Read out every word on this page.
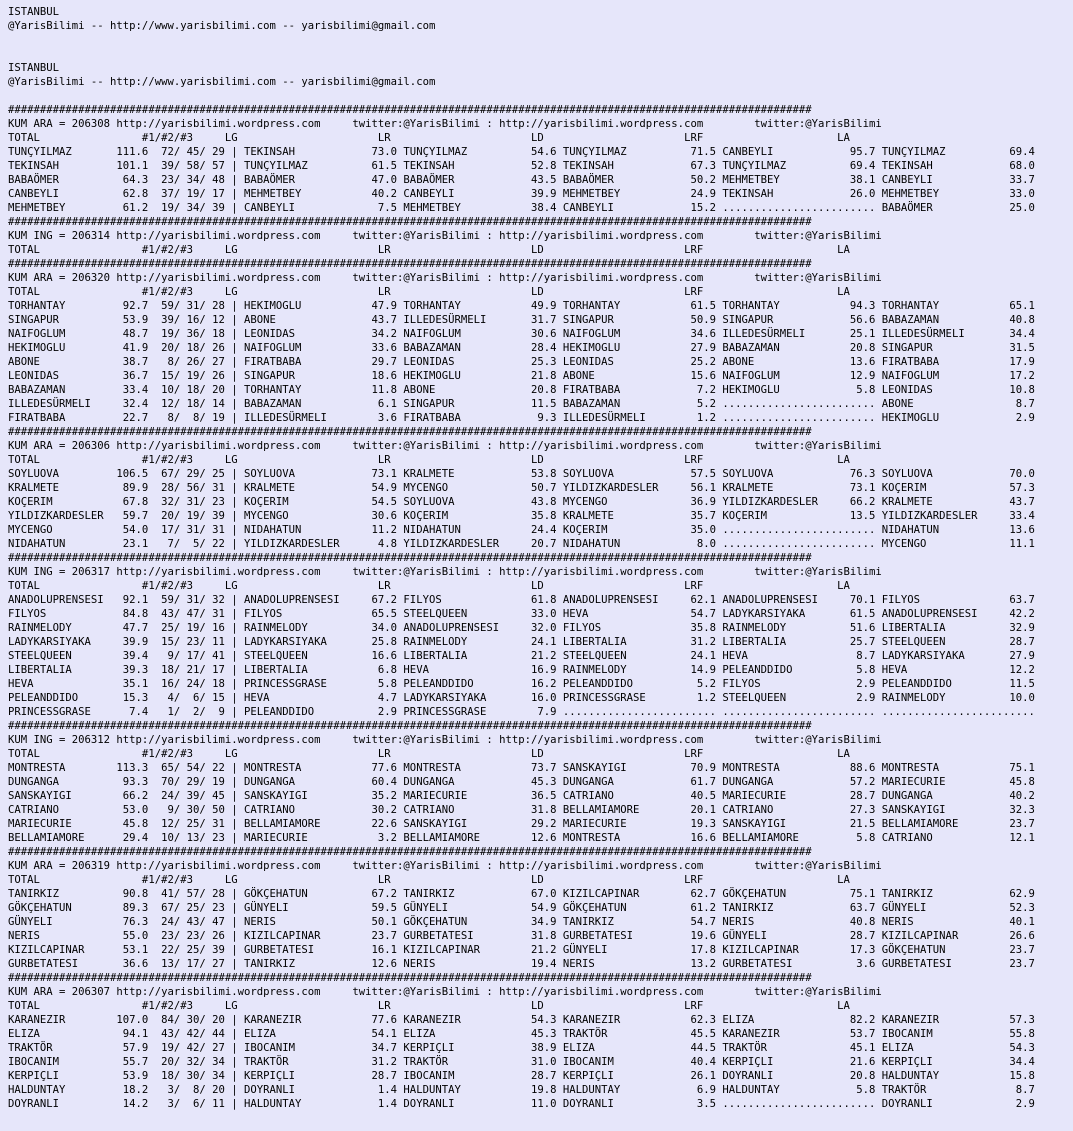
ISTANBUL
@YarisBilimi -- http://www.yarisbilimi.com -- yarisbilimi@gmail.com
ISTANBUL
@YarisBilimi -- http://www.yarisbilimi.com -- yarisbilimi@gmail.com
##############################################################################################################################
KUM ARA = 206308 http://yarisbilimi.wordpress.com     twitter:@YarisBilimi : http://yarisbilimi.wordpress.com        twitter:@YarisBilimi
TOTAL                #1/#2/#3     LG                      LR                      LD                      LRF                     LA
TUNÇYILMAZ       111.6  72/ 45/ 29 | TEKINSAH            73.0 TUNÇYILMAZ          54.6 TUNÇYILMAZ          71.5 CANBEYLI            95.7 TUNÇYILMAZ          69.4
TEKINSAH         101.1  39/ 58/ 57 | TUNÇYILMAZ          61.5 TEKINSAH            52.8 TEKINSAH            67.3 TUNÇYILMAZ          69.4 TEKINSAH            68.0
BABAÖMER          64.3  23/ 34/ 48 | BABAÖMER            47.0 BABAÖMER            43.5 BABAÖMER            50.2 MEHMETBEY           38.1 CANBEYLI            33.7
CANBEYLI          62.8  37/ 19/ 17 | MEHMETBEY           40.2 CANBEYLI            39.9 MEHMETBEY           24.9 TEKINSAH            26.0 MEHMETBEY           33.0
MEHMETBEY         61.2  19/ 34/ 39 | CANBEYLI             7.5 MEHMETBEY           38.4 CANBEYLI            15.2 ........................ BABAÖMER            25.0
##############################################################################################################################
KUM ING = 206314 http://yarisbilimi.wordpress.com     twitter:@YarisBilimi : http://yarisbilimi.wordpress.com        twitter:@YarisBilimi
TOTAL                #1/#2/#3     LG                      LR                      LD                      LRF                     LA
##############################################################################################################################
KUM ARA = 206320 http://yarisbilimi.wordpress.com     twitter:@YarisBilimi : http://yarisbilimi.wordpress.com        twitter:@YarisBilimi
TOTAL                #1/#2/#3     LG                      LR                      LD                      LRF                     LA
TORHANTAY         92.7  59/ 31/ 28 | HEKIMOGLU           47.9 TORHANTAY           49.9 TORHANTAY           61.5 TORHANTAY           94.3 TORHANTAY           65.1
SINGAPUR          53.9  39/ 16/ 12 | ABONE               43.7 ILLEDESÜRMELI       31.7 SINGAPUR            50.9 SINGAPUR            56.6 BABAZAMAN           40.8
NAIFOGLUM         48.7  19/ 36/ 18 | LEONIDAS            34.2 NAIFOGLUM           30.6 NAIFOGLUM           34.6 ILLEDESÜRMELI       25.1 ILLEDESÜRMELI       34.4
HEKIMOGLU         41.9  20/ 18/ 26 | NAIFOGLUM           33.6 BABAZAMAN           28.4 HEKIMOGLU           27.9 BABAZAMAN           20.8 SINGAPUR            31.5
ABONE             38.7   8/ 26/ 27 | FIRATBABA           29.7 LEONIDAS            25.3 LEONIDAS            25.2 ABONE               13.6 FIRATBABA           17.9
LEONIDAS          36.7  15/ 19/ 26 | SINGAPUR            18.6 HEKIMOGLU           21.8 ABONE               15.6 NAIFOGLUM           12.9 NAIFOGLUM           17.2
BABAZAMAN         33.4  10/ 18/ 20 | TORHANTAY           11.8 ABONE               20.8 FIRATBABA            7.2 HEKIMOGLU            5.8 LEONIDAS            10.8
ILLEDESÜRMELI     32.4  12/ 18/ 14 | BABAZAMAN            6.1 SINGAPUR            11.5 BABAZAMAN            5.2 ........................ ABONE                8.7
FIRATBABA         22.7   8/  8/ 19 | ILLEDESÜRMELI        3.6 FIRATBABA            9.3 ILLEDESÜRMELI        1.2 ........................ HEKIMOGLU            2.9
##############################################################################################################################
KUM ARA = 206306 http://yarisbilimi.wordpress.com     twitter:@YarisBilimi : http://yarisbilimi.wordpress.com        twitter:@YarisBilimi
TOTAL                #1/#2/#3     LG                      LR                      LD                      LRF                     LA
SOYLUOVA         106.5  67/ 29/ 25 | SOYLUOVA            73.1 KRALMETE            53.8 SOYLUOVA            57.5 SOYLUOVA            76.3 SOYLUOVA            70.0
KRALMETE          89.9  28/ 56/ 31 | KRALMETE            54.9 MYCENGO             50.7 YILDIZKARDESLER     56.1 KRALMETE            73.1 KOÇERIM             57.3
KOÇERIM           67.8  32/ 31/ 23 | KOÇERIM             54.5 SOYLUOVA            43.8 MYCENGO             36.9 YILDIZKARDESLER     66.2 KRALMETE            43.7
YILDIZKARDESLER   59.7  20/ 19/ 39 | MYCENGO             30.6 KOÇERIM             35.8 KRALMETE            35.7 KOÇERIM             13.5 YILDIZKARDESLER     33.4
MYCENGO           54.0  17/ 31/ 31 | NIDAHATUN           11.2 NIDAHATUN           24.4 KOÇERIM             35.0 ........................ NIDAHATUN           13.6
NIDAHATUN         23.1   7/  5/ 22 | YILDIZKARDESLER      4.8 YILDIZKARDESLER     20.7 NIDAHATUN            8.0 ........................ MYCENGO             11.1
##############################################################################################################################
KUM ING = 206317 http://yarisbilimi.wordpress.com     twitter:@YarisBilimi : http://yarisbilimi.wordpress.com        twitter:@YarisBilimi
TOTAL                #1/#2/#3     LG                      LR                      LD                      LRF                     LA
ANADOLUPRENSESI   92.1  59/ 31/ 32 | ANADOLUPRENSESI     67.2 FILYOS              61.8 ANADOLUPRENSESI     62.1 ANADOLUPRENSESI     70.1 FILYOS              63.7
FILYOS            84.8  43/ 47/ 31 | FILYOS              65.5 STEELQUEEN          33.0 HEVA                54.7 LADYKARSIYAKA       61.5 ANADOLUPRENSESI     42.2
RAINMELODY        47.7  25/ 19/ 16 | RAINMELODY          34.0 ANADOLUPRENSESI     32.0 FILYOS              35.8 RAINMELODY          51.6 LIBERTALIA          32.9
LADYKARSIYAKA     39.9  15/ 23/ 11 | LADYKARSIYAKA       25.8 RAINMELODY          24.1 LIBERTALIA          31.2 LIBERTALIA          25.7 STEELQUEEN          28.7
STEELQUEEN        39.4   9/ 17/ 41 | STEELQUEEN          16.6 LIBERTALIA          21.2 STEELQUEEN          24.1 HEVA                 8.7 LADYKARSIYAKA       27.9
LIBERTALIA        39.3  18/ 21/ 17 | LIBERTALIA           6.8 HEVA                16.9 RAINMELODY          14.9 PELEANDDIDO          5.8 HEVA                12.2
HEVA              35.1  16/ 24/ 18 | PRINCESSGRASE        5.8 PELEANDDIDO         16.2 PELEANDDIDO          5.2 FILYOS               2.9 PELEANDDIDO         11.5
PELEANDDIDO       15.3   4/  6/ 15 | HEVA                 4.7 LADYKARSIYAKA       16.0 PRINCESSGRASE        1.2 STEELQUEEN           2.9 RAINMELODY          10.0
PRINCESSGRASE      7.4   1/  2/  9 | PELEANDDIDO          2.9 PRINCESSGRASE        7.9 ........................ ........................ ........................
##############################################################################################################################
KUM ING = 206312 http://yarisbilimi.wordpress.com     twitter:@YarisBilimi : http://yarisbilimi.wordpress.com        twitter:@YarisBilimi
TOTAL                #1/#2/#3     LG                      LR                      LD                      LRF                     LA
MONTRESTA        113.3  65/ 54/ 22 | MONTRESTA           77.6 MONTRESTA           73.7 SANSKAYIGI          70.9 MONTRESTA           88.6 MONTRESTA           75.1
DUNGANGA          93.3  70/ 29/ 19 | DUNGANGA            60.4 DUNGANGA            45.3 DUNGANGA            61.7 DUNGANGA            57.2 MARIECURIE          45.8
SANSKAYIGI        66.2  24/ 39/ 45 | SANSKAYIGI          35.2 MARIECURIE          36.5 CATRIANO            40.5 MARIECURIE          28.7 DUNGANGA            40.2
CATRIANO          53.0   9/ 30/ 50 | CATRIANO            30.2 CATRIANO            31.8 BELLAMIAMORE        20.1 CATRIANO            27.3 SANSKAYIGI          32.3
MARIECURIE        45.8  12/ 25/ 31 | BELLAMIAMORE        22.6 SANSKAYIGI          29.2 MARIECURIE          19.3 SANSKAYIGI          21.5 BELLAMIAMORE        23.7
BELLAMIAMORE      29.4  10/ 13/ 23 | MARIECURIE           3.2 BELLAMIAMORE        12.6 MONTRESTA           16.6 BELLAMIAMORE         5.8 CATRIANO            12.1
##############################################################################################################################
KUM ARA = 206319 http://yarisbilimi.wordpress.com     twitter:@YarisBilimi : http://yarisbilimi.wordpress.com        twitter:@YarisBilimi
TOTAL                #1/#2/#3     LG                      LR                      LD                      LRF                     LA
TANIRKIZ          90.8  41/ 57/ 28 | GÖKÇEHATUN          67.2 TANIRKIZ            67.0 KIZILCAPINAR        62.7 GÖKÇEHATUN          75.1 TANIRKIZ            62.9
GÖKÇEHATUN        89.3  67/ 25/ 23 | GÜNYELI             59.5 GÜNYELI             54.9 GÖKÇEHATUN          61.2 TANIRKIZ            63.7 GÜNYELI             52.3
GÜNYELI           76.3  24/ 43/ 47 | NERIS               50.1 GÖKÇEHATUN          34.9 TANIRKIZ            54.7 NERIS               40.8 NERIS               40.1
NERIS             55.0  23/ 23/ 26 | KIZILCAPINAR        23.7 GURBETATESI         31.8 GURBETATESI         19.6 GÜNYELI             28.7 KIZILCAPINAR        26.6
KIZILCAPINAR      53.1  22/ 25/ 39 | GURBETATESI         16.1 KIZILCAPINAR        21.2 GÜNYELI             17.8 KIZILCAPINAR        17.3 GÖKÇEHATUN          23.7
GURBETATESI       36.6  13/ 17/ 27 | TANIRKIZ            12.6 NERIS               19.4 NERIS               13.2 GURBETATESI          3.6 GURBETATESI         23.7
##############################################################################################################################
KUM ARA = 206307 http://yarisbilimi.wordpress.com     twitter:@YarisBilimi : http://yarisbilimi.wordpress.com        twitter:@YarisBilimi
TOTAL                #1/#2/#3     LG                      LR                      LD                      LRF                     LA
KARANEZIR        107.0  84/ 30/ 20 | KARANEZIR           77.6 KARANEZIR           54.3 KARANEZIR           62.3 ELIZA               82.2 KARANEZIR           57.3
ELIZA             94.1  43/ 42/ 44 | ELIZA               54.1 ELIZA               45.3 TRAKTÖR             45.5 KARANEZIR           53.7 IBOCANIM            55.8
TRAKTÖR           57.9  19/ 42/ 27 | IBOCANIM            34.7 KERPIÇLI            38.9 ELIZA               44.5 TRAKTÖR             45.1 ELIZA               54.3
IBOCANIM          55.7  20/ 32/ 34 | TRAKTÖR             31.2 TRAKTÖR             31.0 IBOCANIM            40.4 KERPIÇLI            21.6 KERPIÇLI            34.4
KERPIÇLI          53.9  18/ 30/ 34 | KERPIÇLI            28.7 IBOCANIM            28.7 KERPIÇLI            26.1 DOYRANLI            20.8 HALDUNTAY           15.8
HALDUNTAY         18.2   3/  8/ 20 | DOYRANLI             1.4 HALDUNTAY           19.8 HALDUNTAY            6.9 HALDUNTAY            5.8 TRAKTÖR              8.7
DOYRANLI          14.2   3/  6/ 11 | HALDUNTAY            1.4 DOYRANLI            11.0 DOYRANLI             3.5 ........................ DOYRANLI             2.9
